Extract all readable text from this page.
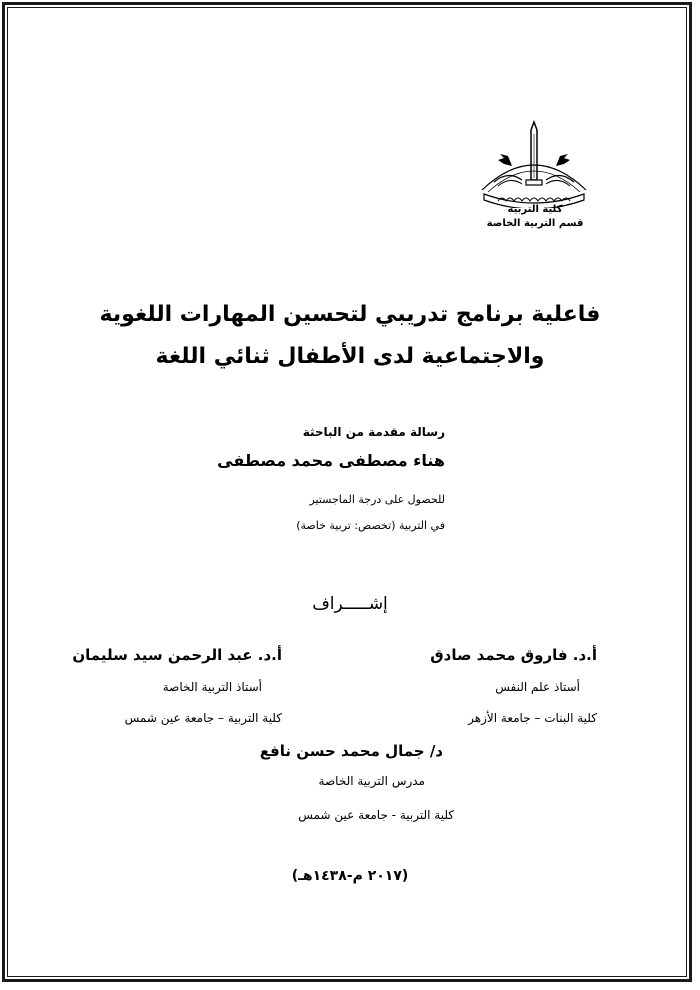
كلية التربية
قسم التربية الخاصة
فاعلية برنامج تدريبي لتحسين المهارات اللغوية
والاجتماعية لدى الأطفال ثنائي اللغة
رسالة مقدمة من الباحثة
هناء مصطفى محمد مصطفى
للحصول على درجة الماجستير
في التربية (تخصص: تربية خاصة)
إشـــــراف
أ.د. فاروق محمد صادق
أستاذ علم النفس
كلية البنات – جامعة الأزهر
أ.د. عبد الرحمن سيد سليمان
أستاذ التربية الخاصة
كلية التربية – جامعة عين شمس
د/ جمال محمد حسن نافع
مدرس التربية الخاصة
كلية التربية - جامعة عين شمس
(٢٠١٧ م-١٤٣٨هـ)
